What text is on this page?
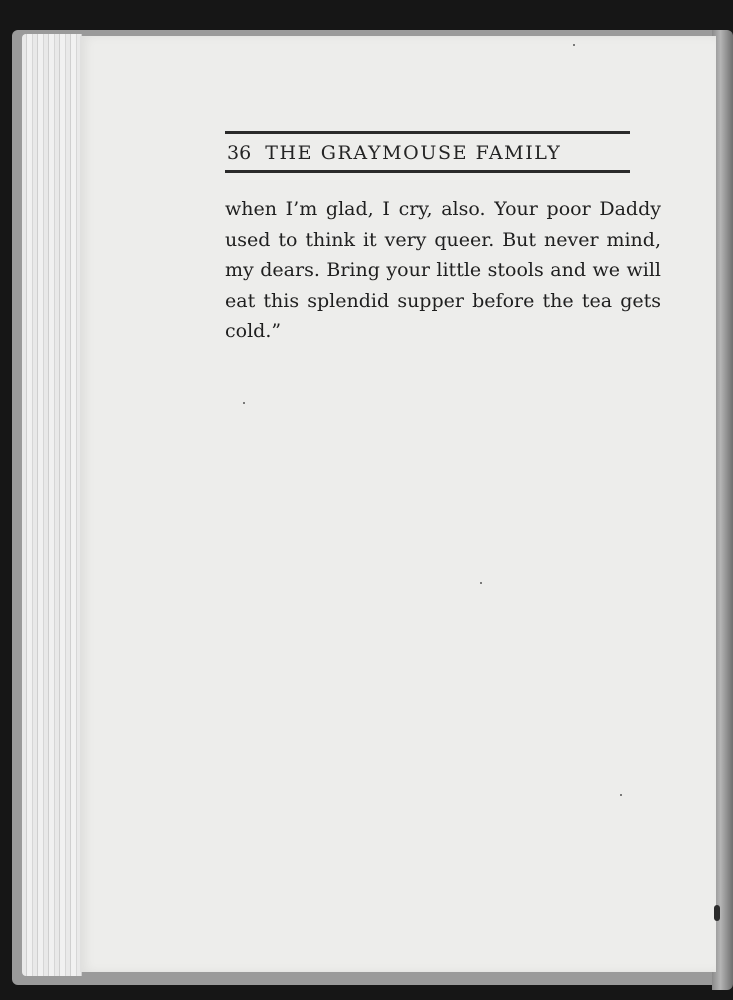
36 THE GRAYMOUSE FAMILY
when I’m glad, I cry, also. Your poor Daddy
used to think it very queer. But never mind,
my dears. Bring your little stools and we will
eat this splendid supper before the tea gets
cold.”
